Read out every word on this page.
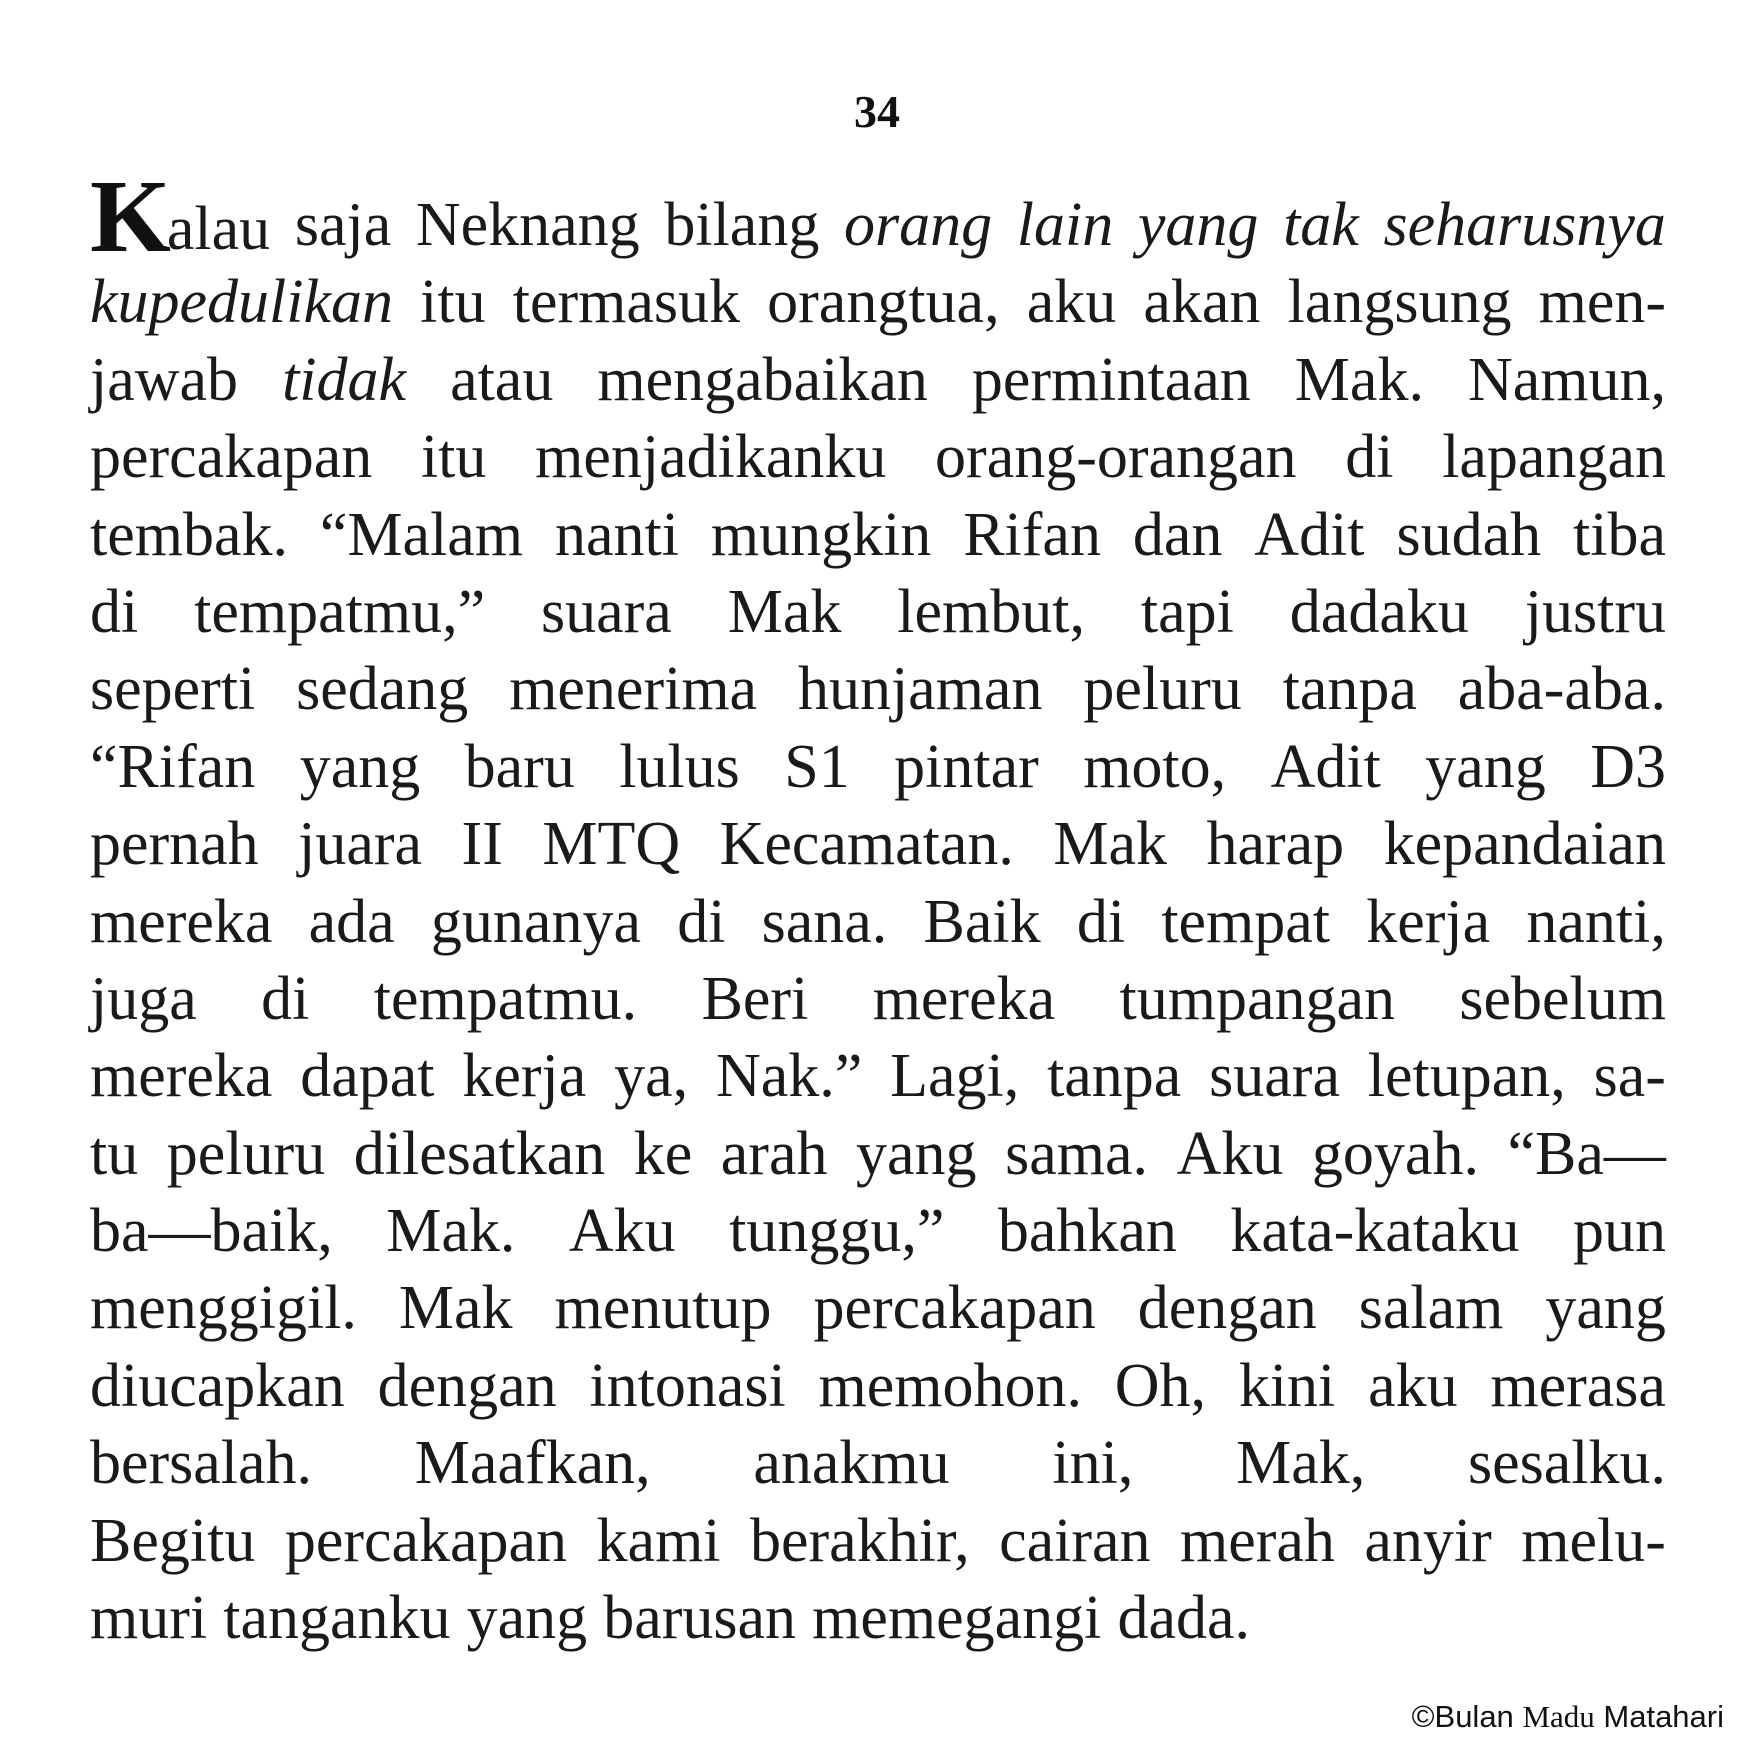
34
Kalau saja Neknang bilang orang lain yang tak seharusnya
kupedulikan itu termasuk orangtua, aku akan langsung men-
jawab tidak atau mengabaikan permintaan Mak. Namun,
percakapan itu menjadikanku orang-orangan di lapangan
tembak. “Malam nanti mungkin Rifan dan Adit sudah tiba
di tempatmu,” suara Mak lembut, tapi dadaku justru
seperti sedang menerima hunjaman peluru tanpa aba-aba.
“Rifan yang baru lulus S1 pintar moto, Adit yang D3
pernah juara II MTQ Kecamatan. Mak harap kepandaian
mereka ada gunanya di sana. Baik di tempat kerja nanti,
juga di tempatmu. Beri mereka tumpangan sebelum
mereka dapat kerja ya, Nak.” Lagi, tanpa suara letupan, sa-
tu peluru dilesatkan ke arah yang sama. Aku goyah. “Ba—
ba—baik, Mak. Aku tunggu,” bahkan kata-kataku pun
menggigil. Mak menutup percakapan dengan salam yang
diucapkan dengan intonasi memohon. Oh, kini aku merasa
bersalah. Maafkan, anakmu ini, Mak, sesalku.
Begitu percakapan kami berakhir, cairan merah anyir melu-
muri tanganku yang barusan memegangi dada.
©Bulan Madu Matahari
